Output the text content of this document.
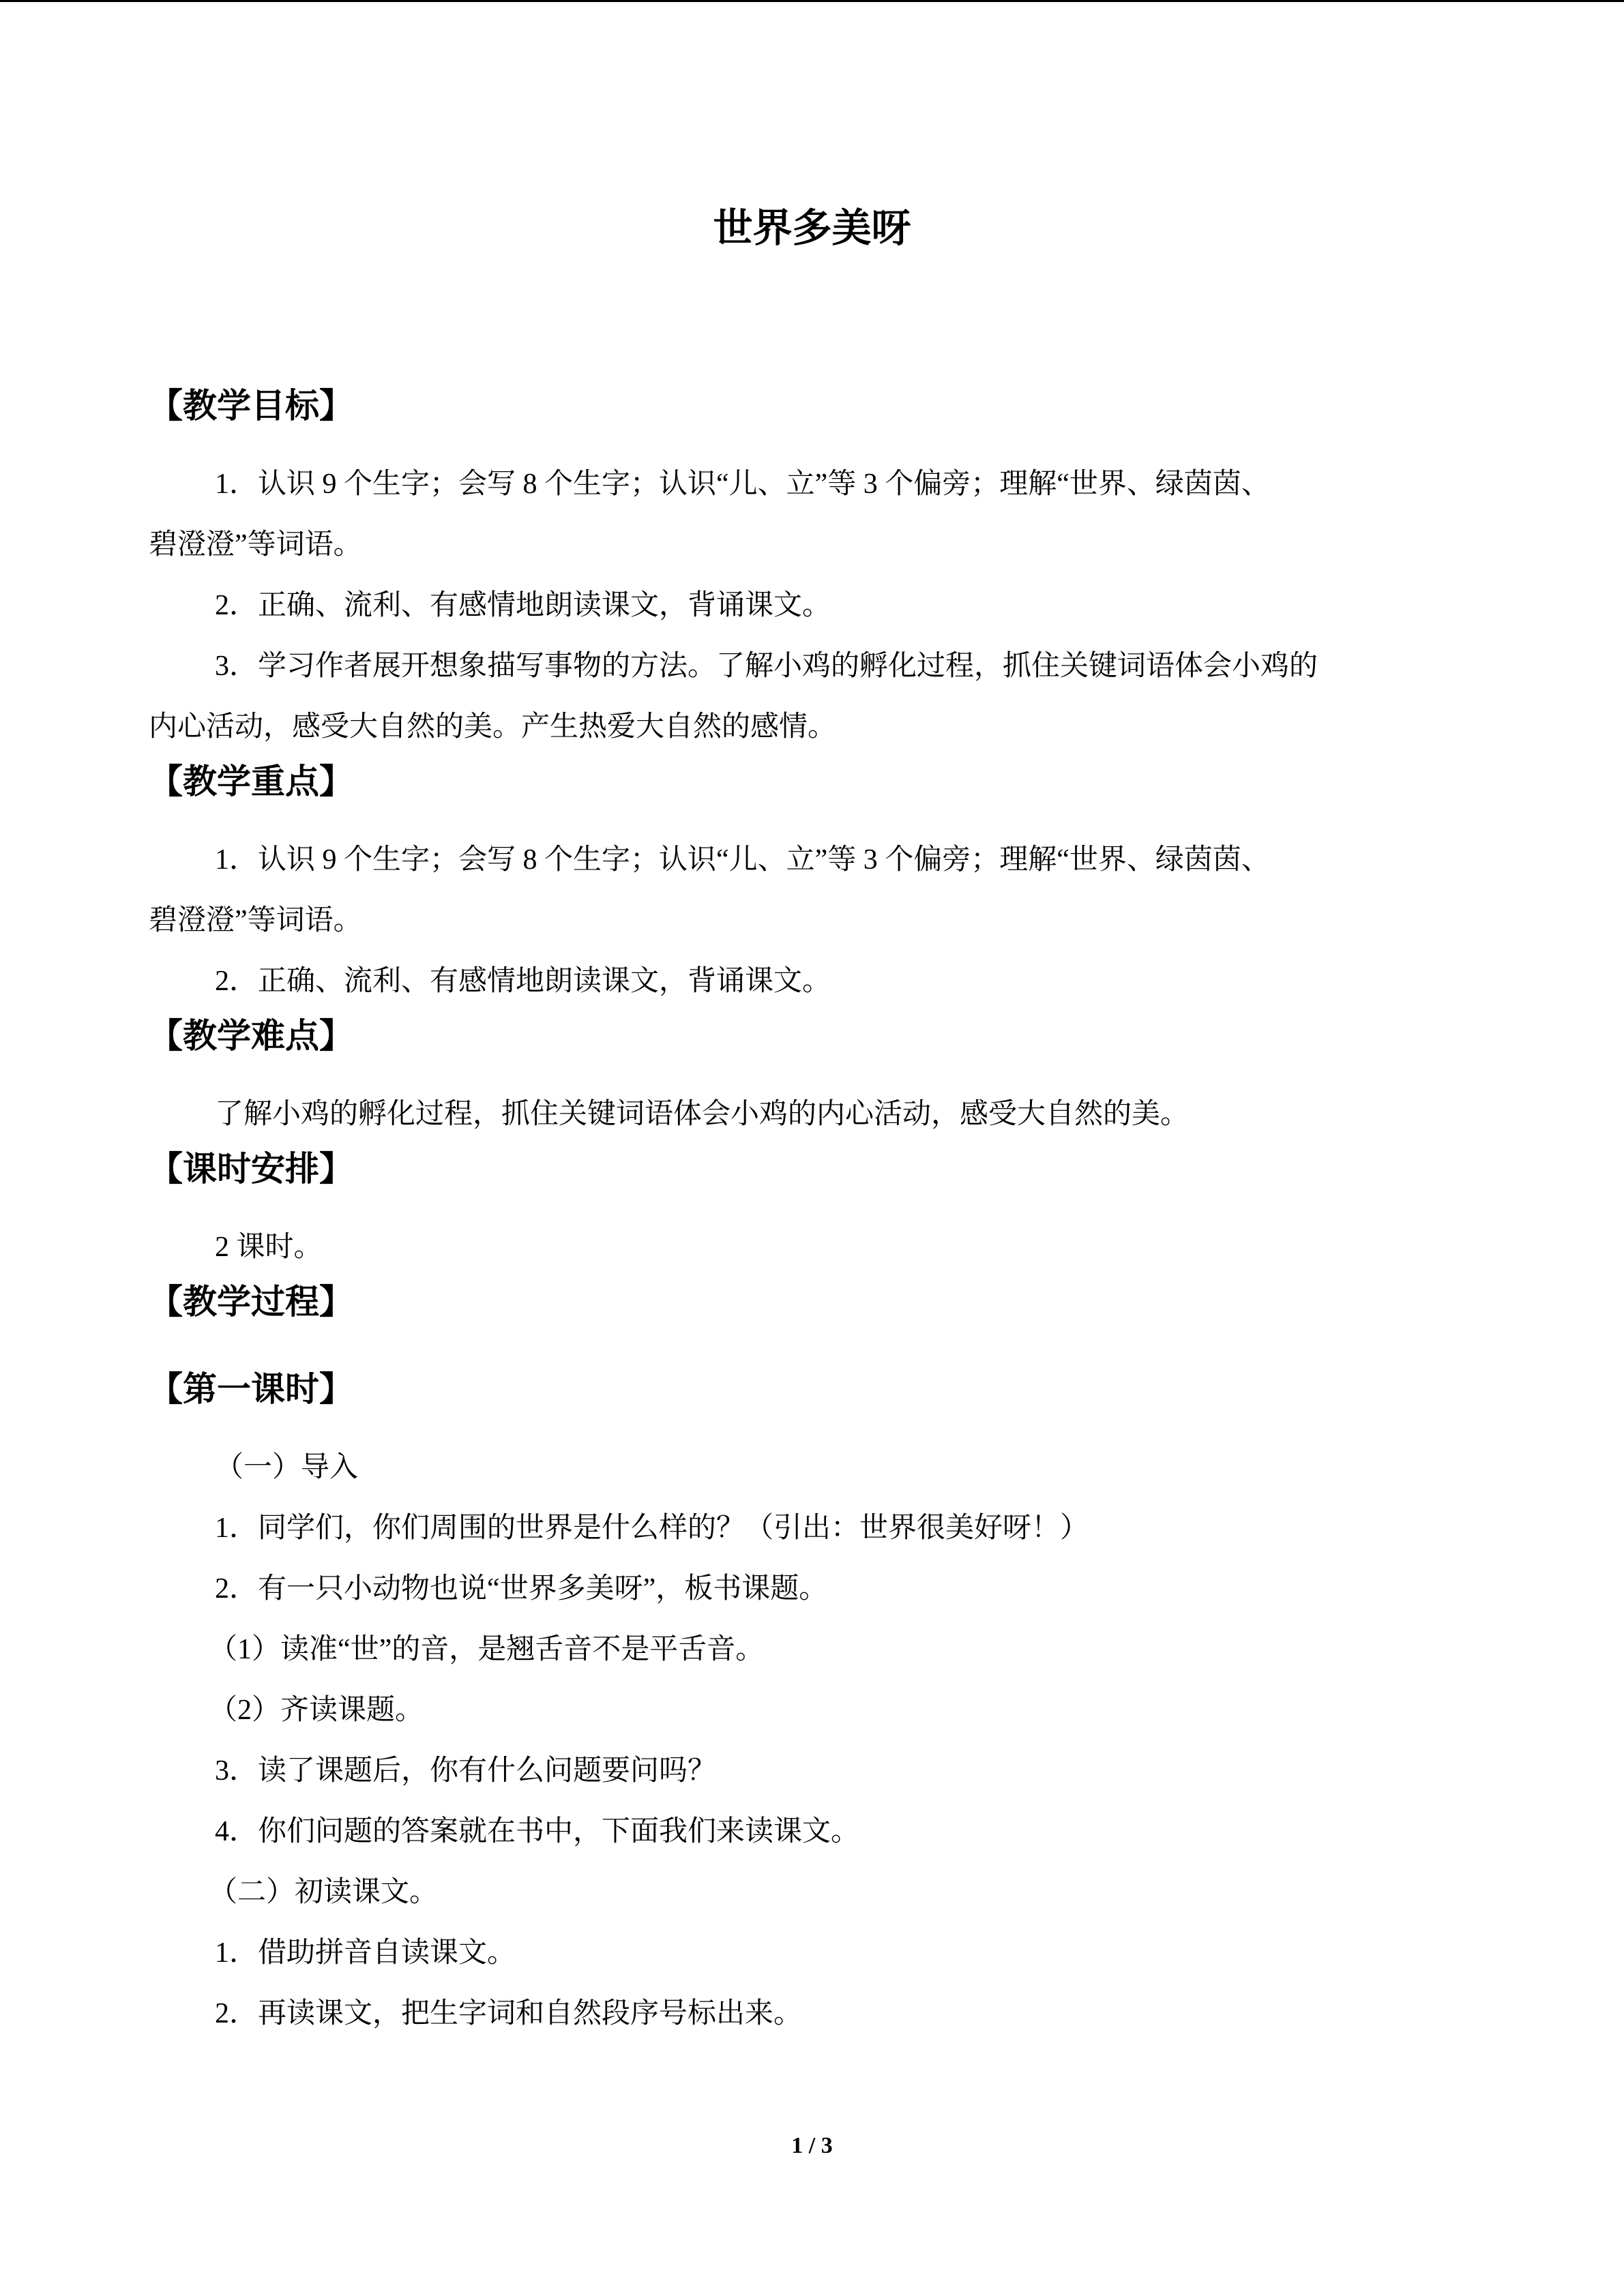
世界多美呀

【教学目标】

1．认识 9 个生字；会写 8 个生字；认识“儿、立”等 3 个偏旁；理解“世界、绿茵茵、

碧澄澄”等词语。

2．正确、流利、有感情地朗读课文，背诵课文。

3．学习作者展开想象描写事物的方法。了解小鸡的孵化过程，抓住关键词语体会小鸡的

内心活动，感受大自然的美。产生热爱大自然的感情。

【教学重点】

1．认识 9 个生字；会写 8 个生字；认识“儿、立”等 3 个偏旁；理解“世界、绿茵茵、

碧澄澄”等词语。

2．正确、流利、有感情地朗读课文，背诵课文。

【教学难点】

了解小鸡的孵化过程，抓住关键词语体会小鸡的内心活动，感受大自然的美。

【课时安排】

2 课时。

【教学过程】

【第一课时】

（一）导入

1．同学们，你们周围的世界是什么样的？（引出：世界很美好呀！）

2．有一只小动物也说“世界多美呀”，板书课题。

（1）读准“世”的音，是翘舌音不是平舌音。

（2）齐读课题。

3．读了课题后，你有什么问题要问吗？

4．你们问题的答案就在书中，下面我们来读课文。

（二）初读课文。

1．借助拼音自读课文。

2．再读课文，把生字词和自然段序号标出来。

1 / 3
